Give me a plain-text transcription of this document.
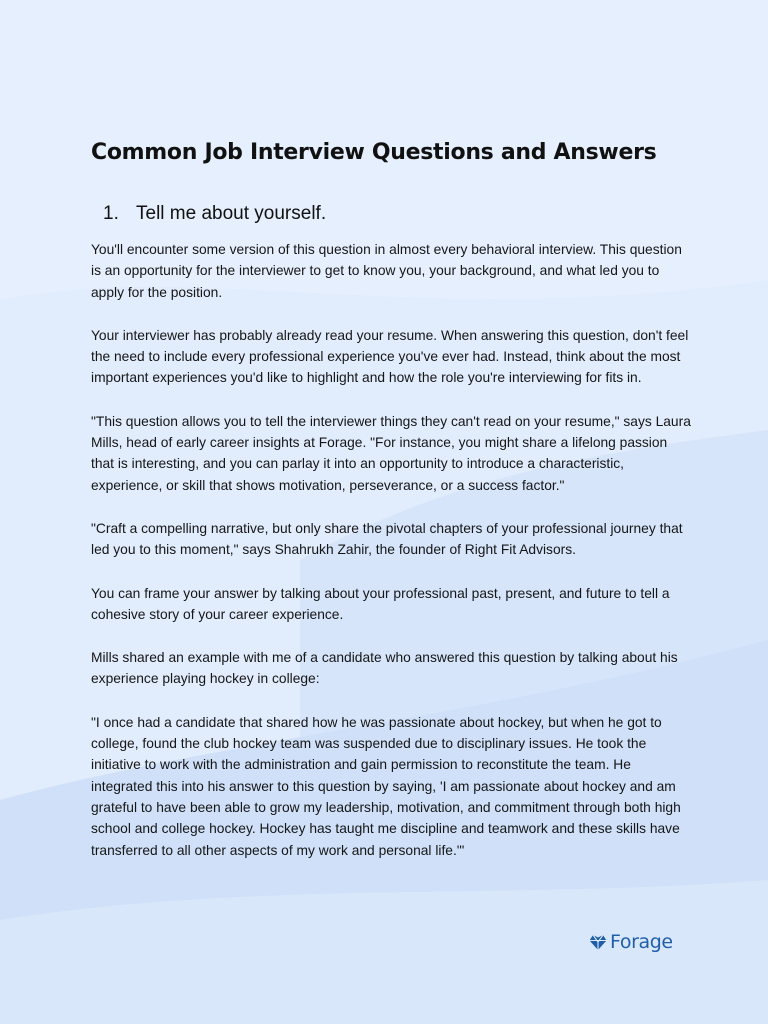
Common Job Interview Questions and Answers
1. Tell me about yourself.

You'll encounter some version of this question in almost every behavioral interview. This question is an opportunity for the interviewer to get to know you, your background, and what led you to apply for the position.

Your interviewer has probably already read your resume. When answering this question, don't feel the need to include every professional experience you've ever had. Instead, think about the most important experiences you'd like to highlight and how the role you're interviewing for fits in.

"This question allows you to tell the interviewer things they can't read on your resume," says Laura Mills, head of early career insights at Forage. "For instance, you might share a lifelong passion that is interesting, and you can parlay it into an opportunity to introduce a characteristic, experience, or skill that shows motivation, perseverance, or a success factor."

"Craft a compelling narrative, but only share the pivotal chapters of your professional journey that led you to this moment," says Shahrukh Zahir, the founder of Right Fit Advisors.

You can frame your answer by talking about your professional past, present, and future to tell a cohesive story of your career experience.

Mills shared an example with me of a candidate who answered this question by talking about his experience playing hockey in college:

"I once had a candidate that shared how he was passionate about hockey, but when he got to college, found the club hockey team was suspended due to disciplinary issues. He took the initiative to work with the administration and gain permission to reconstitute the team. He integrated this into his answer to this question by saying, 'I am passionate about hockey and am grateful to have been able to grow my leadership, motivation, and commitment through both high school and college hockey. Hockey has taught me discipline and teamwork and these skills have transferred to all other aspects of my work and personal life.'"

Forage
